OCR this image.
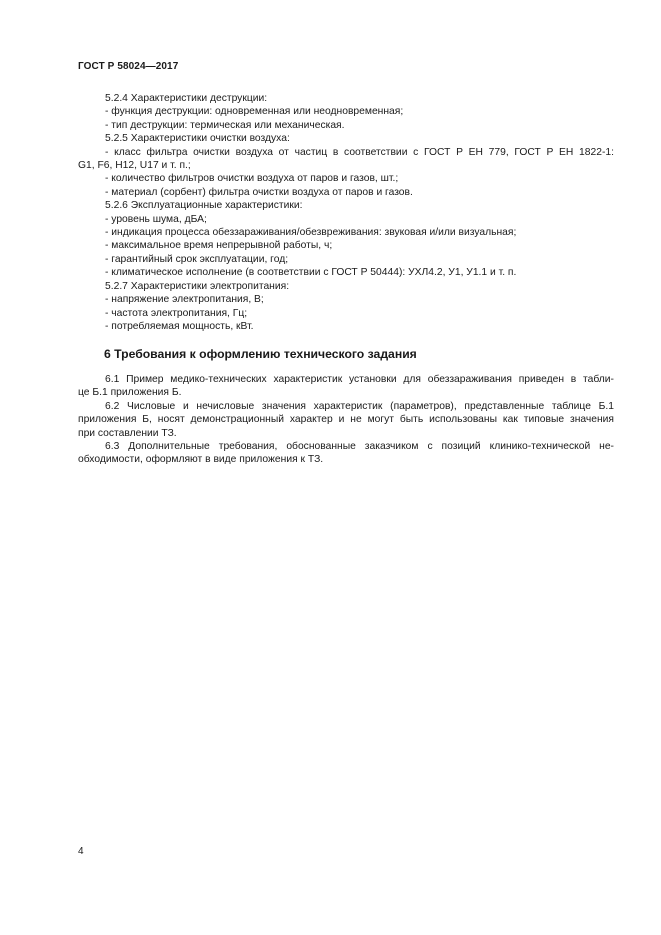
ГОСТ Р 58024—2017

5.2.4 Характеристики деструкции:

- функция деструкции: одновременная или неодновременная;

- тип деструкции: термическая или механическая.

5.2.5 Характеристики очистки воздуха:

- класс фильтра очистки воздуха от частиц в соответствии с ГОСТ Р ЕН 779, ГОСТ Р ЕН 1822-1:

G1, F6, H12, U17 и т. п.;

- количество фильтров очистки воздуха от паров и газов, шт.;

- материал (сорбент) фильтра очистки воздуха от паров и газов.

5.2.6 Эксплуатационные характеристики:

- уровень шума, дБА;

- индикация процесса обеззараживания/обезвреживания: звуковая и/или визуальная;

- максимальное время непрерывной работы, ч;

- гарантийный срок эксплуатации, год;

- климатическое исполнение (в соответствии с ГОСТ Р 50444): УХЛ4.2, У1, У1.1 и т. п.

5.2.7 Характеристики электропитания:

- напряжение электропитания, В;

- частота электропитания, Гц;

- потребляемая мощность, кВт.

6 Требования к оформлению технического задания

6.1 Пример медико-технических характеристик установки для обеззараживания приведен в табли-
це Б.1 приложения Б.

6.2 Числовые и нечисловые значения характеристик (параметров), представленные таблице Б.1
приложения Б, носят демонстрационный характер и не могут быть использованы как типовые значения
при составлении ТЗ.

6.3 Дополнительные требования, обоснованные заказчиком с позиций клинико-технической не-
обходимости, оформляют в виде приложения к ТЗ.

4
